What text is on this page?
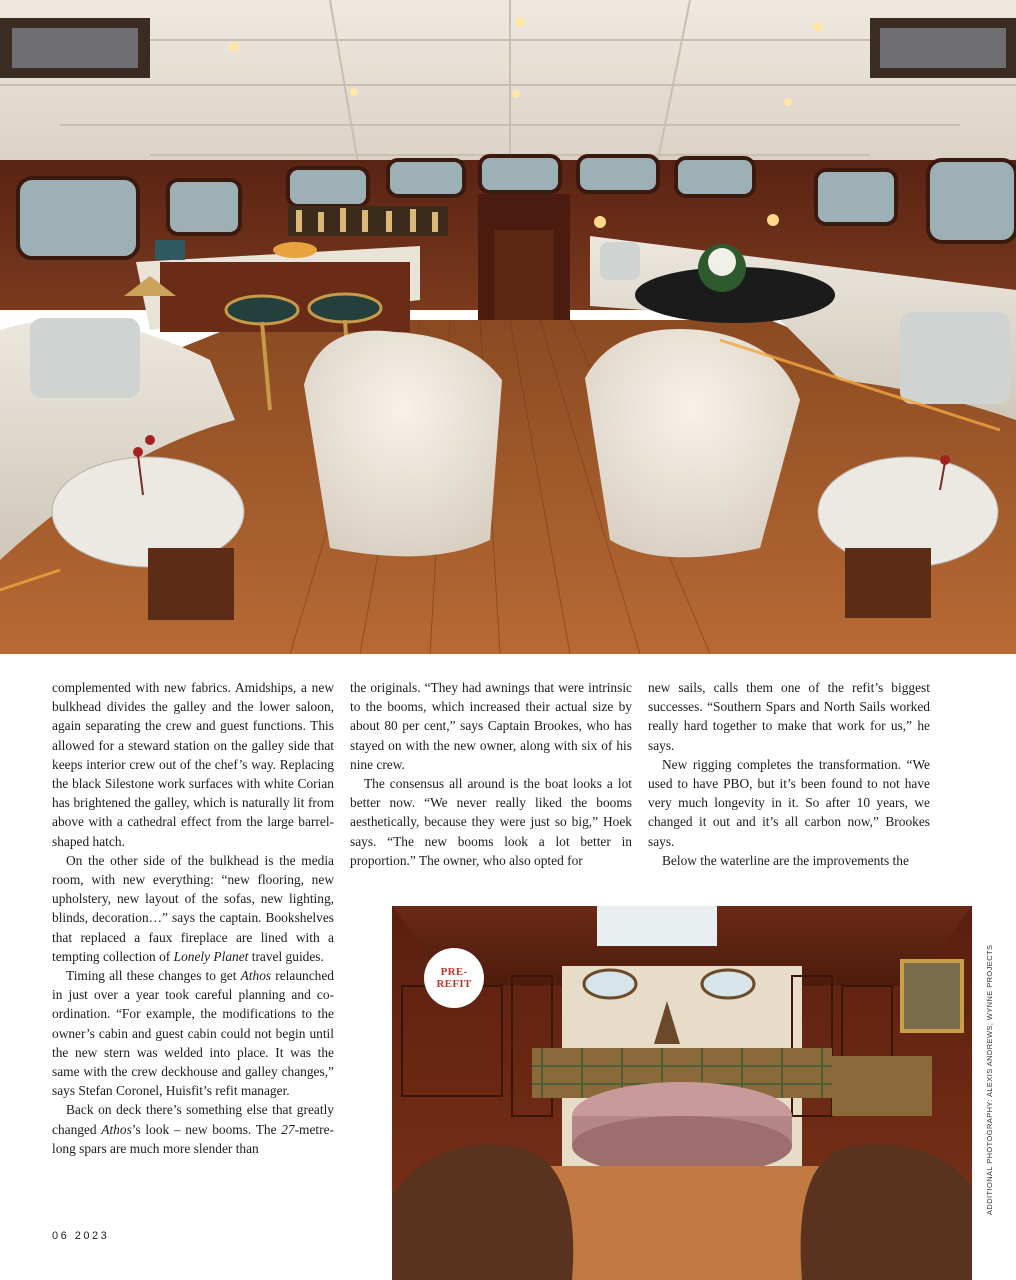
complemented with new fabrics. Amidships, a new bulkhead divides the galley and the lower saloon, again separating the crew and guest functions. This allowed for a steward station on the galley side that keeps interior crew out of the chef’s way. Replacing the black Silestone work surfaces with white Corian has brightened the galley, which is naturally lit from above with a cathedral effect from the large barrel-shaped hatch.

On the other side of the bulkhead is the media room, with new everything: “new flooring, new upholstery, new layout of the sofas, new lighting, blinds, decoration…” says the captain. Bookshelves that replaced a faux fireplace are lined with a tempting collection of Lonely Planet travel guides.

Timing all these changes to get Athos relaunched in just over a year took careful planning and co-ordination. “For example, the modifications to the owner’s cabin and guest cabin could not begin until the new stern was welded into place. It was the same with the crew deckhouse and galley changes,” says Stefan Coronel, Huisfit’s refit manager.

Back on deck there’s something else that greatly changed Athos’s look – new booms. The 27-metre-long spars are much more slender than

the originals. “They had awnings that were intrinsic to the booms, which increased their actual size by about 80 per cent,” says Captain Brookes, who has stayed on with the new owner, along with six of his nine crew.

The consensus all around is the boat looks a lot better now. “We never really liked the booms aesthetically, because they were just so big,” Hoek says. “The new booms look a lot better in proportion.” The owner, who also opted for

new sails, calls them one of the refit’s biggest successes. “Southern Spars and North Sails worked really hard together to make that work for us,” he says.

New rigging completes the transformation. “We used to have PBO, but it’s been found to not have very much longevity in it. So after 10 years, we changed it out and it’s all carbon now,” Brookes says.

Below the waterline are the improvements the

PRE-
REFIT	ADDITIONAL PHOTOGRAPHY: ALEXIS ANDREWS; WYNNE PROJECTS
06 2023
